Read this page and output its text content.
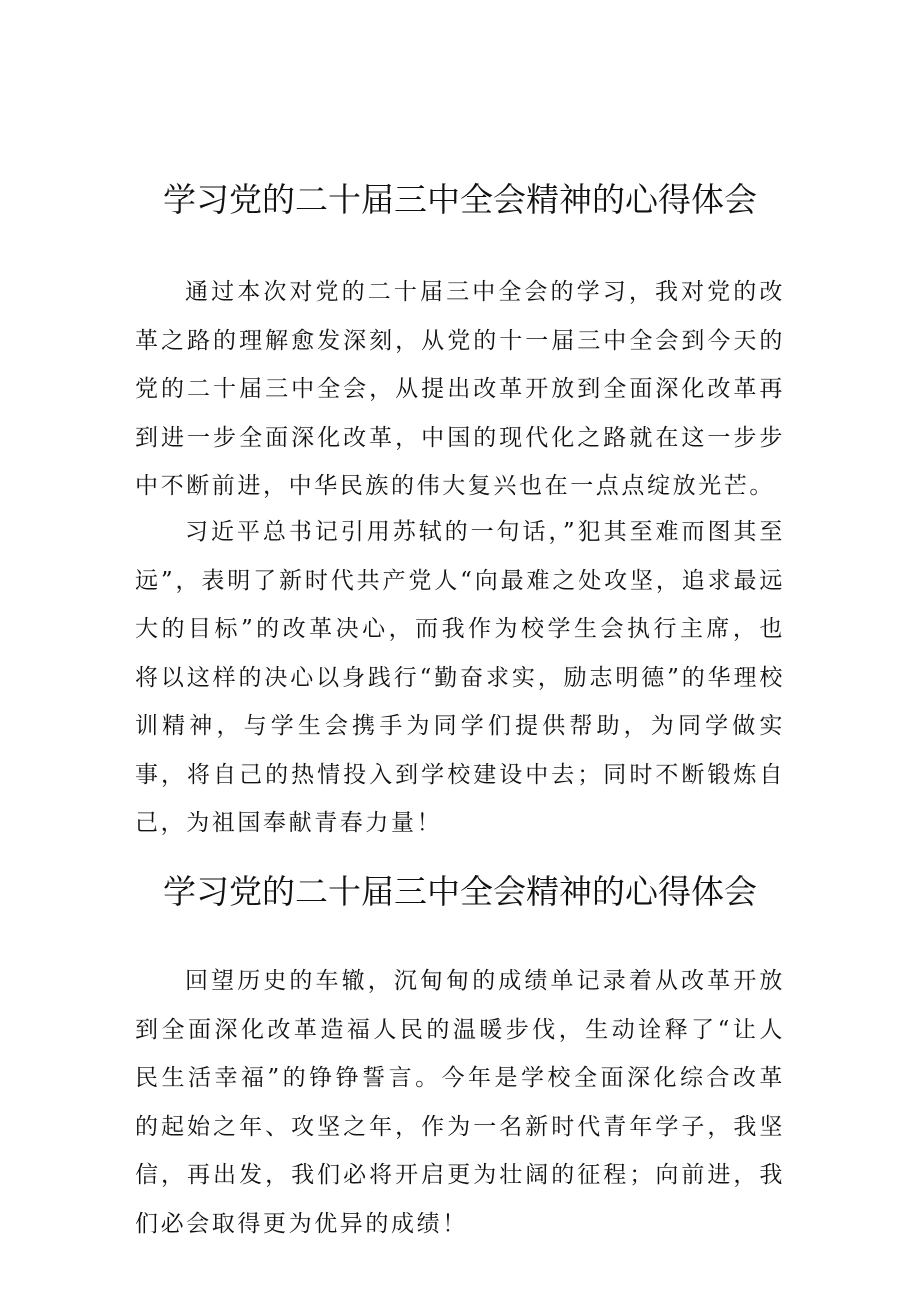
学习党的二十届三中全会精神的心得体会

通过本次对党的二十届三中全会的学习，我对党的改革之路的理解愈发深刻，从党的十一届三中全会到今天的党的二十届三中全会，从提出改革开放到全面深化改革再到进一步全面深化改革，中国的现代化之路就在这一步步中不断前进，中华民族的伟大复兴也在一点点绽放光芒。

习近平总书记引用苏轼的一句话，”犯其至难而图其至远”，表明了新时代共产党人“向最难之处攻坚，追求最远大的目标”的改革决心，而我作为校学生会执行主席，也将以这样的决心以身践行“勤奋求实，励志明德”的华理校训精神，与学生会携手为同学们提供帮助，为同学做实事，将自己的热情投入到学校建设中去；同时不断锻炼自己，为祖国奉献青春力量！

学习党的二十届三中全会精神的心得体会

回望历史的车辙，沉甸甸的成绩单记录着从改革开放到全面深化改革造福人民的温暖步伐，生动诠释了“让人民生活幸福”的铮铮誓言。今年是学校全面深化综合改革的起始之年、攻坚之年，作为一名新时代青年学子，我坚信，再出发，我们必将开启更为壮阔的征程；向前进，我们必会取得更为优异的成绩！
